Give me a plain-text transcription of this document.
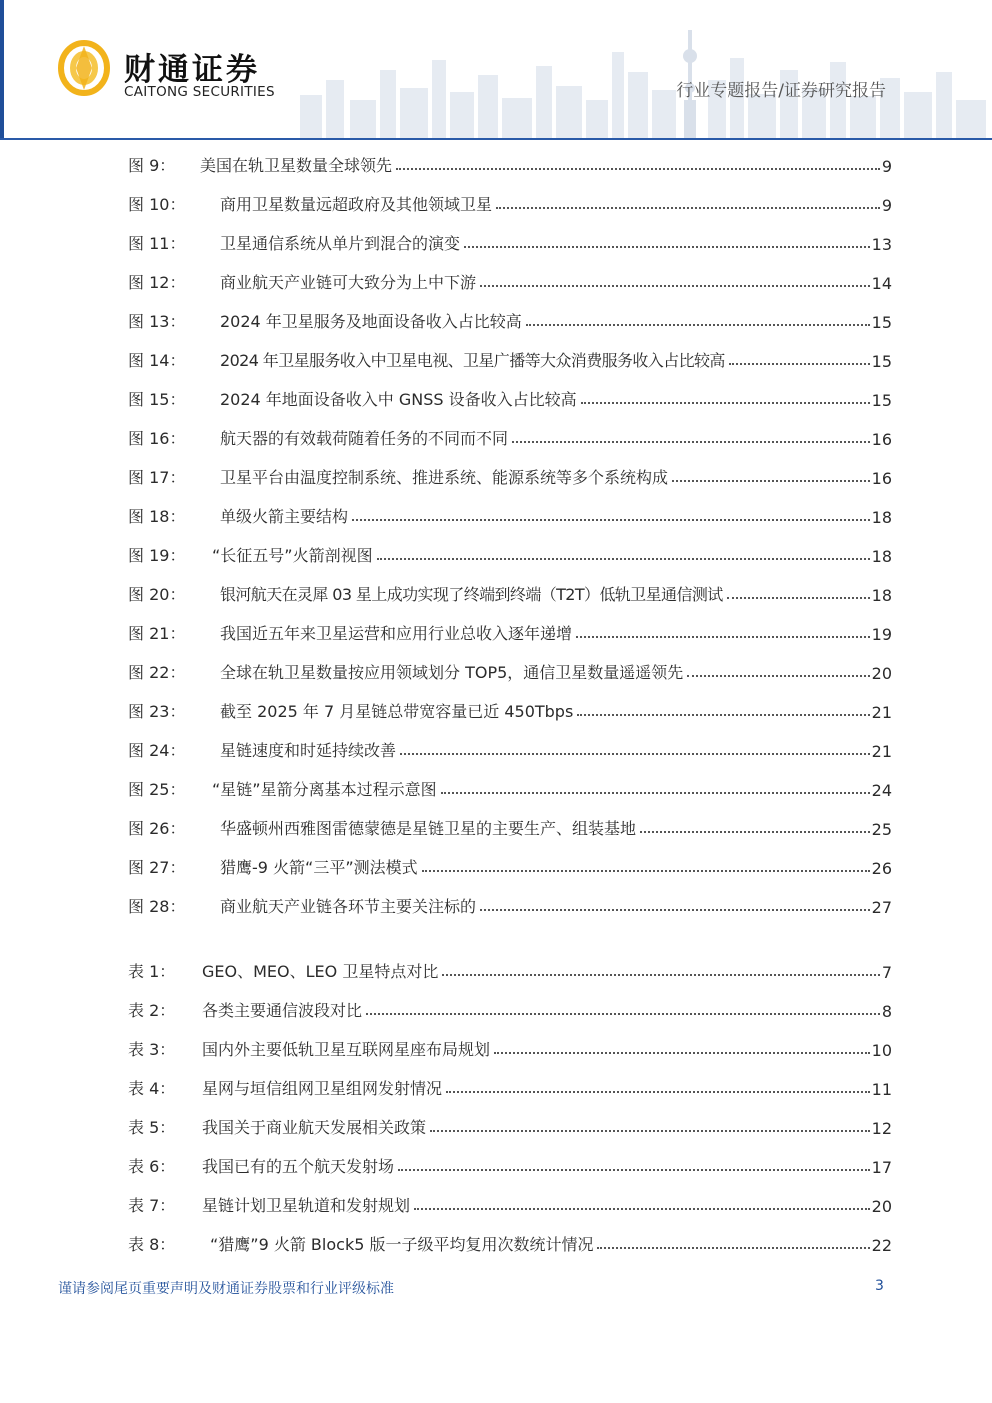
财通证券
CAITONG SECURITIES	行业专题报告/证券研究报告
图 9：	美国在轨卫星数量全球领先	9
图 10：	商用卫星数量远超政府及其他领域卫星	9
图 11：	卫星通信系统从单片到混合的演变	13
图 12：	商业航天产业链可大致分为上中下游	14
图 13：	2024 年卫星服务及地面设备收入占比较高	15
图 14：	2024 年卫星服务收入中卫星电视、卫星广播等大众消费服务收入占比较高	15
图 15：	2024 年地面设备收入中 GNSS 设备收入占比较高	15
图 16：	航天器的有效载荷随着任务的不同而不同	16
图 17：	卫星平台由温度控制系统、推进系统、能源系统等多个系统构成	16
图 18：	单级火箭主要结构	18
图 19：	“长征五号”火箭剖视图	18
图 20：	银河航天在灵犀 03 星上成功实现了终端到终端（T2T）低轨卫星通信测试	18
图 21：	我国近五年来卫星运营和应用行业总收入逐年递增	19
图 22：	全球在轨卫星数量按应用领域划分 TOP5，通信卫星数量遥遥领先	20
图 23：	截至 2025 年 7 月星链总带宽容量已近 450Tbps	21
图 24：	星链速度和时延持续改善	21
图 25：	“星链”星箭分离基本过程示意图	24
图 26：	华盛顿州西雅图雷德蒙德是星链卫星的主要生产、组装基地	25
图 27：	猎鹰-9 火箭“三平”测法模式	26
图 28：	商业航天产业链各环节主要关注标的	27
表 1：	GEO、MEO、LEO 卫星特点对比	7
表 2：	各类主要通信波段对比	8
表 3：	国内外主要低轨卫星互联网星座布局规划	10
表 4：	星网与垣信组网卫星组网发射情况	11
表 5：	我国关于商业航天发展相关政策	12
表 6：	我国已有的五个航天发射场	17
表 7：	星链计划卫星轨道和发射规划	20
表 8：	“猎鹰”9 火箭 Block5 版一子级平均复用次数统计情况	22
谨请参阅尾页重要声明及财通证券股票和行业评级标准	3
